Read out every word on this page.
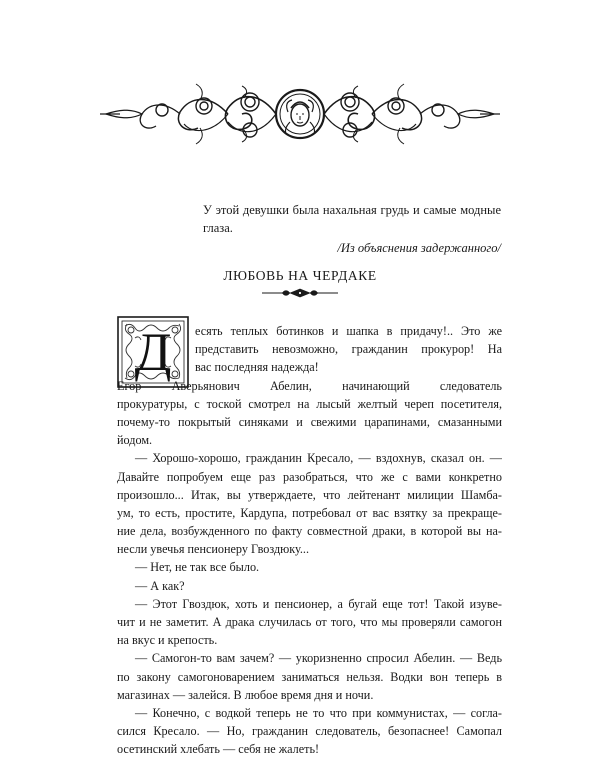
У этой девушки была нахальная грудь и самые модные глаза.
/Из объяснения задержанного/
ЛЮБОВЬ НА ЧЕРДАКЕ
Д	есять теплых ботинков и шапка в придачу!.. Это же
представить невозможно, гражданин прокурор! На
вас последняя надежда!
Егор Аверьянович Абелин, начинающий следователь
прокуратуры, с тоской смотрел на лысый желтый череп посетителя,
почему-то покрытый синяками и свежими царапинами, смазанными
йодом.
— Хорошо-хорошо, гражданин Кресало, — вздохнув, сказал он. —
Давайте попробуем еще раз разобраться, что же с вами конкретно
произошло... Итак, вы утверждаете, что лейтенант милиции Шамба-
ум, то есть, простите, Кардупа, потребовал от вас взятку за прекраще-
ние дела, возбужденного по факту совместной драки, в которой вы на-
несли увечья пенсионеру Гвоздюку...
— Нет, не так все было.
— А как?
— Этот Гвоздюк, хоть и пенсионер, а бугай еще тот! Такой изуве-
чит и не заметит. А драка случилась от того, что мы проверяли самогон
на вкус и крепость.
— Самогон-то вам зачем? — укоризненно спросил Абелин. — Ведь
по закону самогоноварением заниматься нельзя. Водки вон теперь в
магазинах — залейся. В любое время дня и ночи.
— Конечно, с водкой теперь не то что при коммунистах, — согла-
сился Кресало. — Но, гражданин следователь, безопаснее! Самопал
осетинский хлебать — себя не жалеть!
